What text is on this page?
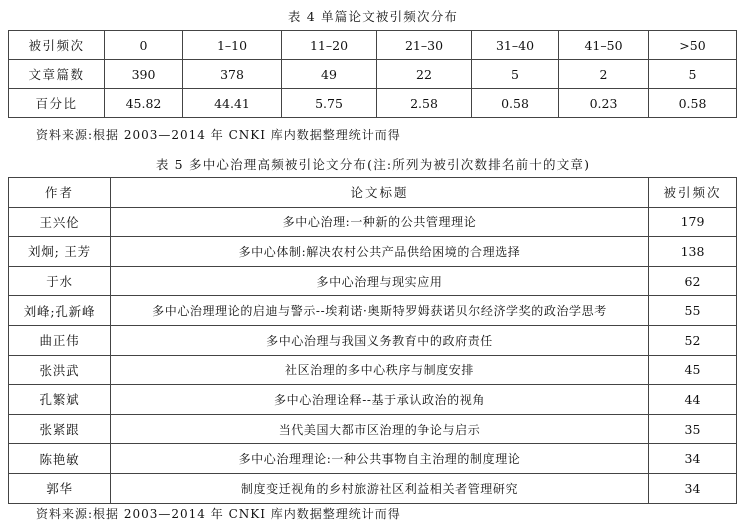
表 4 单篇论文被引频次分布
被引频次	0	1–10	11–20	21–30	31–40	41–50	>50
文章篇数	390	378	49	22	5	2	5
百分比	45.82	44.41	5.75	2.58	0.58	0.23	0.58
资料来源:根据 2003—2014 年 CNKI 库内数据整理统计而得
表 5 多中心治理高频被引论文分布(注:所列为被引次数排名前十的文章)
作者	论文标题	被引频次
王兴伦	多中心治理:一种新的公共管理理论	179
刘炯; 王芳	多中心体制:解决农村公共产品供给困境的合理选择	138
于水	多中心治理与现实应用	62
刘峰;孔新峰	多中心治理理论的启迪与警示--埃莉诺·奥斯特罗姆获诺贝尔经济学奖的政治学思考	55
曲正伟	多中心治理与我国义务教育中的政府责任	52
张洪武	社区治理的多中心秩序与制度安排	45
孔繁斌	多中心治理诠释--基于承认政治的视角	44
张紧跟	当代美国大都市区治理的争论与启示	35
陈艳敏	多中心治理理论:一种公共事物自主治理的制度理论	34
郭华	制度变迁视角的乡村旅游社区利益相关者管理研究	34
资料来源:根据 2003—2014 年 CNKI 库内数据整理统计而得
